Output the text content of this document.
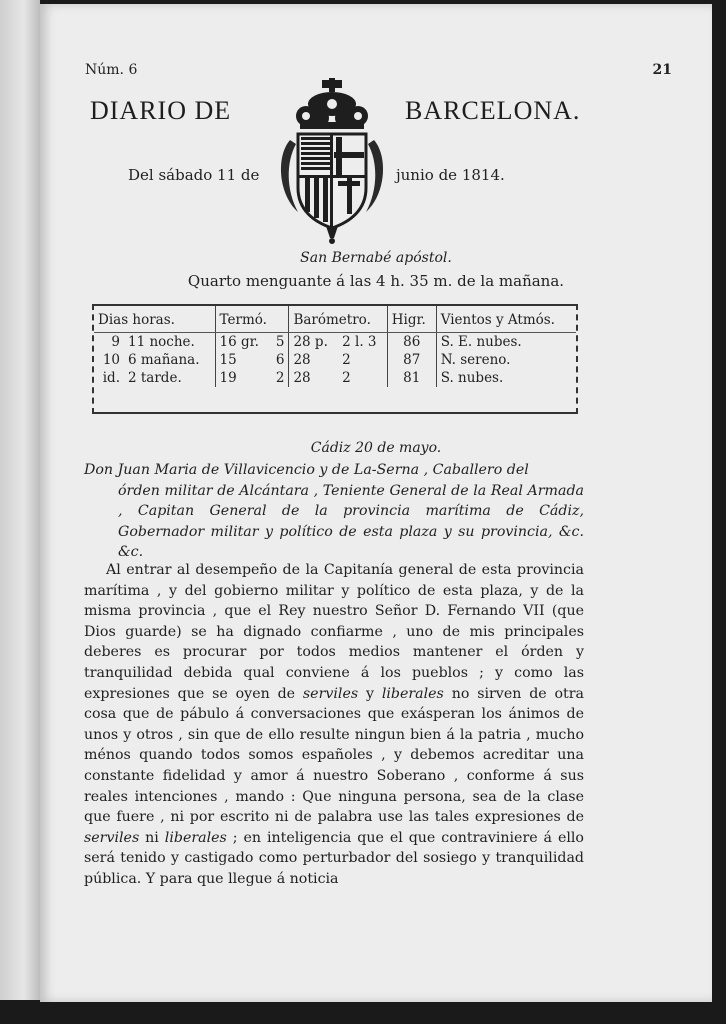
Núm. 6	21
DIARIO DE	BARCELONA.
Del sábado 11 de	junio de 1814.
San Bernabé apóstol.
Quarto menguante á las 4 h. 35 m. de la mañana.
Dias horas.		Termó.		Barómetro.		Higr.	Vientos y Atmós.
9	11 noche.	16 gr.	5	28 p.	2 l. 3	86	S. E. nubes.
10	6 mañana.	15	6	28	2	87	N. sereno.
id.	2 tarde.	19	2	28	2	81	S. nubes.
Cádiz 20 de mayo.
Don Juan Maria de Villavicencio y de La-Serna , Caballero del
órden militar de Alcántara , Teniente General de la Real Armada , Capitan General de la provincia marítima de Cádiz, Gobernador militar y político de esta plaza y su provincia, &c. &c.
Al entrar al desempeño de la Capitanía general de esta provincia marítima , y del gobierno militar y político de esta plaza, y de la misma provincia , que el Rey nuestro Señor D. Fernando VII (que Dios guarde) se ha dignado confiarme , uno de mis principales deberes es procurar por todos medios mantener el órden y tranquilidad debida qual conviene á los pueblos ; y como las expresiones que se oyen de serviles y liberales no sirven de otra cosa que de pábulo á conversaciones que exásperan los ánimos de unos y otros , sin que de ello resulte ningun bien á la patria , mucho ménos quando todos somos españoles , y debemos acreditar una constante fidelidad y amor á nuestro Soberano , conforme á sus reales intenciones , mando : Que ninguna persona, sea de la clase que fuere , ni por escrito ni de palabra use las tales expresiones de serviles ni liberales ; en inteligencia que el que contraviniere á ello será tenido y castigado como perturbador del sosiego y tranquilidad pública. Y para que llegue á noticia
